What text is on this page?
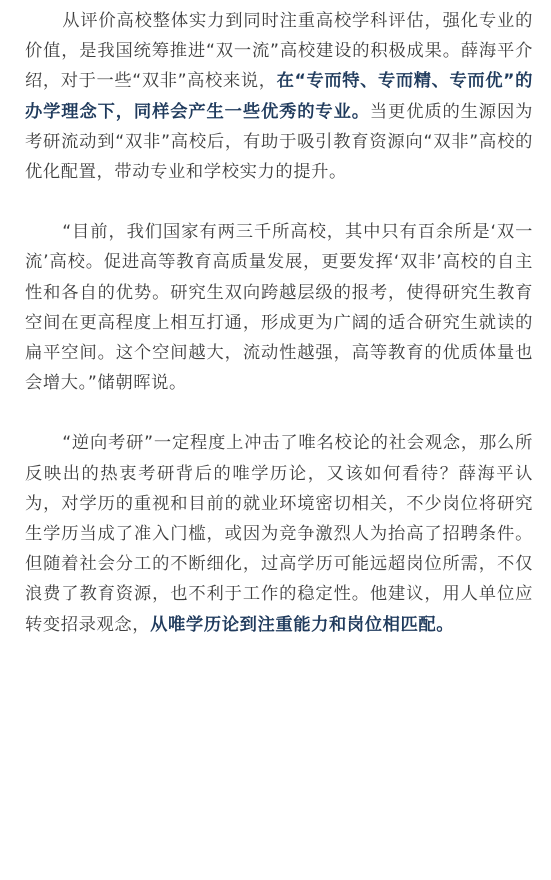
从评价高校整体实力到同时注重高校学科评估，强化专业的价值，是我国统筹推进“双一流”高校建设的积极成果。薛海平介绍，对于一些“双非”高校来说，在“专而特、专而精、专而优”的办学理念下，同样会产生一些优秀的专业。当更优质的生源因为考研流动到“双非”高校后，有助于吸引教育资源向“双非”高校的优化配置，带动专业和学校实力的提升。

“目前，我们国家有两三千所高校，其中只有百余所是‘双一流’高校。促进高等教育高质量发展，更要发挥‘双非’高校的自主性和各自的优势。研究生双向跨越层级的报考，使得研究生教育空间在更高程度上相互打通，形成更为广阔的适合研究生就读的扁平空间。这个空间越大，流动性越强，高等教育的优质体量也会增大。”储朝晖说。

“逆向考研”一定程度上冲击了唯名校论的社会观念，那么所反映出的热衷考研背后的唯学历论，又该如何看待？薛海平认为，对学历的重视和目前的就业环境密切相关，不少岗位将研究生学历当成了准入门槛，或因为竞争激烈人为抬高了招聘条件。但随着社会分工的不断细化，过高学历可能远超岗位所需，不仅浪费了教育资源，也不利于工作的稳定性。他建议，用人单位应转变招录观念，从唯学历论到注重能力和岗位相匹配。
